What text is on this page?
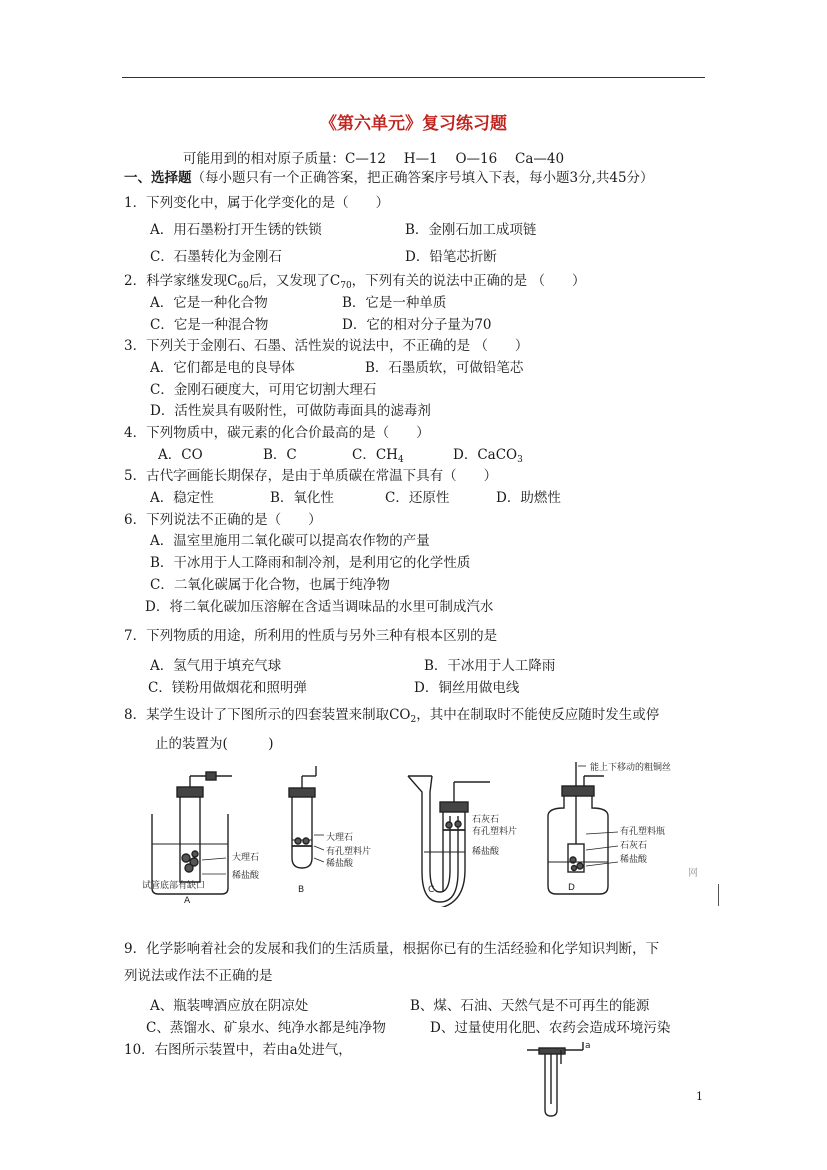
《第六单元》复习练习题
可能用到的相对原子质量：C—12　 H—1　 O—16　 Ca—40
一、选择题（每小题只有一个正确答案，把正确答案序号填入下表，每小题3分,共45分）
1．下列变化中，属于化学变化的是（　　）
A．用石墨粉打开生锈的铁锁	B．金刚石加工成项链
C．石墨转化为金刚石	D．铅笔芯折断
2．科学家继发现$C_{60}$后，又发现了$C_{70}$，下列有关的说法中正确的是 （　　）
A．它是一种化合物	B．它是一种单质
C．它是一种混合物	D．它的相对分子量为70
3．下列关于金刚石、石墨、活性炭的说法中，不正确的是 （　　）
A．它们都是电的良导体	B．石墨质软，可做铅笔芯
C．金刚石硬度大，可用它切割大理石
D．活性炭具有吸附性，可做防毒面具的滤毒剂
4．下列物质中，碳元素的化合价最高的是（　　）
A．CO	B．C	C．$CH_4$	D．CaCO$_3$
5．古代字画能长期保存，是由于单质碳在常温下具有（　　）
A．稳定性	B．氧化性	C．还原性	D．助燃性
6．下列说法不正确的是（　　）
A．温室里施用二氧化碳可以提高农作物的产量
B．干冰用于人工降雨和制冷剂，是利用它的化学性质
C．二氧化碳属于化合物，也属于纯净物
D．将二氧化碳加压溶解在含适当调味品的水里可制成汽水
7．下列物质的用途，所利用的性质与另外三种有根本区别的是
A．氢气用于填充气球	B．干冰用于人工降雨
C．镁粉用做烟花和照明弹	D．铜丝用做电线
8．某学生设计了下图所示的四套装置来制取$CO_2$，其中在制取时不能使反应随时发生或停
止的装置为(　　　)
大理石
稀盐酸
试管底部有缺口
A
大理石
有孔塑料片
稀盐酸
B
石灰石
有孔塑料片
稀盐酸
C
能上下移动的粗铜丝
有孔塑料瓶
石灰石
稀盐酸
D
网
9．化学影响着社会的发展和我们的生活质量，根据你已有的生活经验和化学知识判断，下
列说法或作法不正确的是
A、瓶装啤酒应放在阴凉处	B、煤、石油、天然气是不可再生的能源
C、蒸馏水、矿泉水、纯净水都是纯净物	D、过量使用化肥、农药会造成环境污染
10．右图所示装置中，若由a处进气，	a
1
